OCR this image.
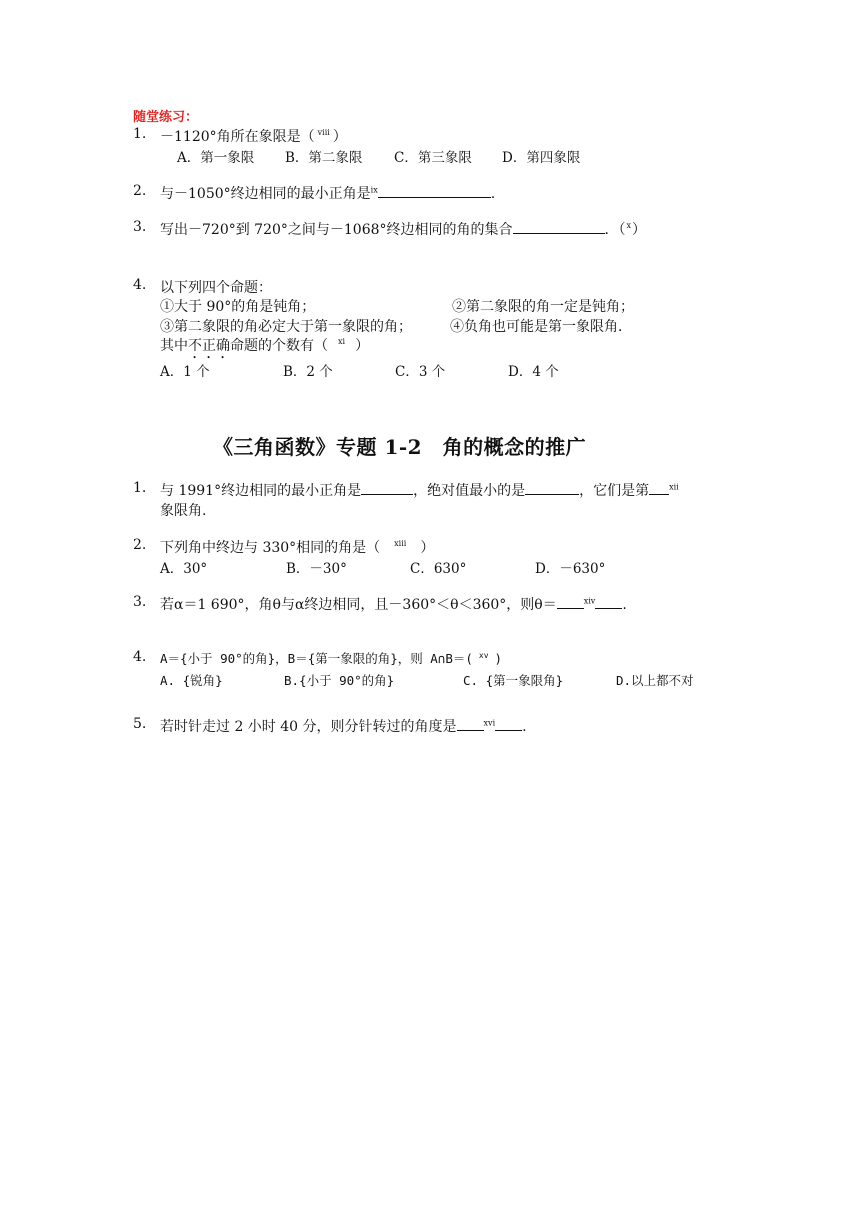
随堂练习：
1. －1120°角所在象限是（ $^{viii}$ ）
A．第一象限 B．第二象限 C．第三象限 D．第四象限
2. 与－1050°终边相同的最小正角是$^{ix}$	.
3. 写出－720°到 720°之间与－1068°终边相同的角的集合	．（$^x$）
4. 以下列四个命题：
①大于 90°的角是钝角；	②第二象限的角一定是钝角；
③第二象限的角必定大于第一象限的角；	④负角也可能是第一象限角．
其中不正确命题的个数有（ $^{xi}$ ）
A．1 个	B．2 个	C．3 个	D．4 个
《三角函数》专题 1-2　角的概念的推广
1. 与 1991°终边相同的最小正角是	，绝对值最小的是	，它们是第	$^{xii}$
象限角.
2. 下列角中终边与 330°相同的角是（ $^{xiii}$ ）
A．30°	B．－30°	C．630°	D．－630°
3. 若α＝1 690°，角θ与α终边相同，且－360°＜θ＜360°，则θ＝	$^{xiv}$ .
4. A＝{小于 90°的角}，B＝{第一象限的角}，则 A∩B＝( $^{xv}$ )
A. {锐角}	B.{小于 90°的角}	C. {第一象限角}	D.以上都不对
5. 若时针走过 2 小时 40 分，则分针转过的角度是	$^{xvi}$ .
